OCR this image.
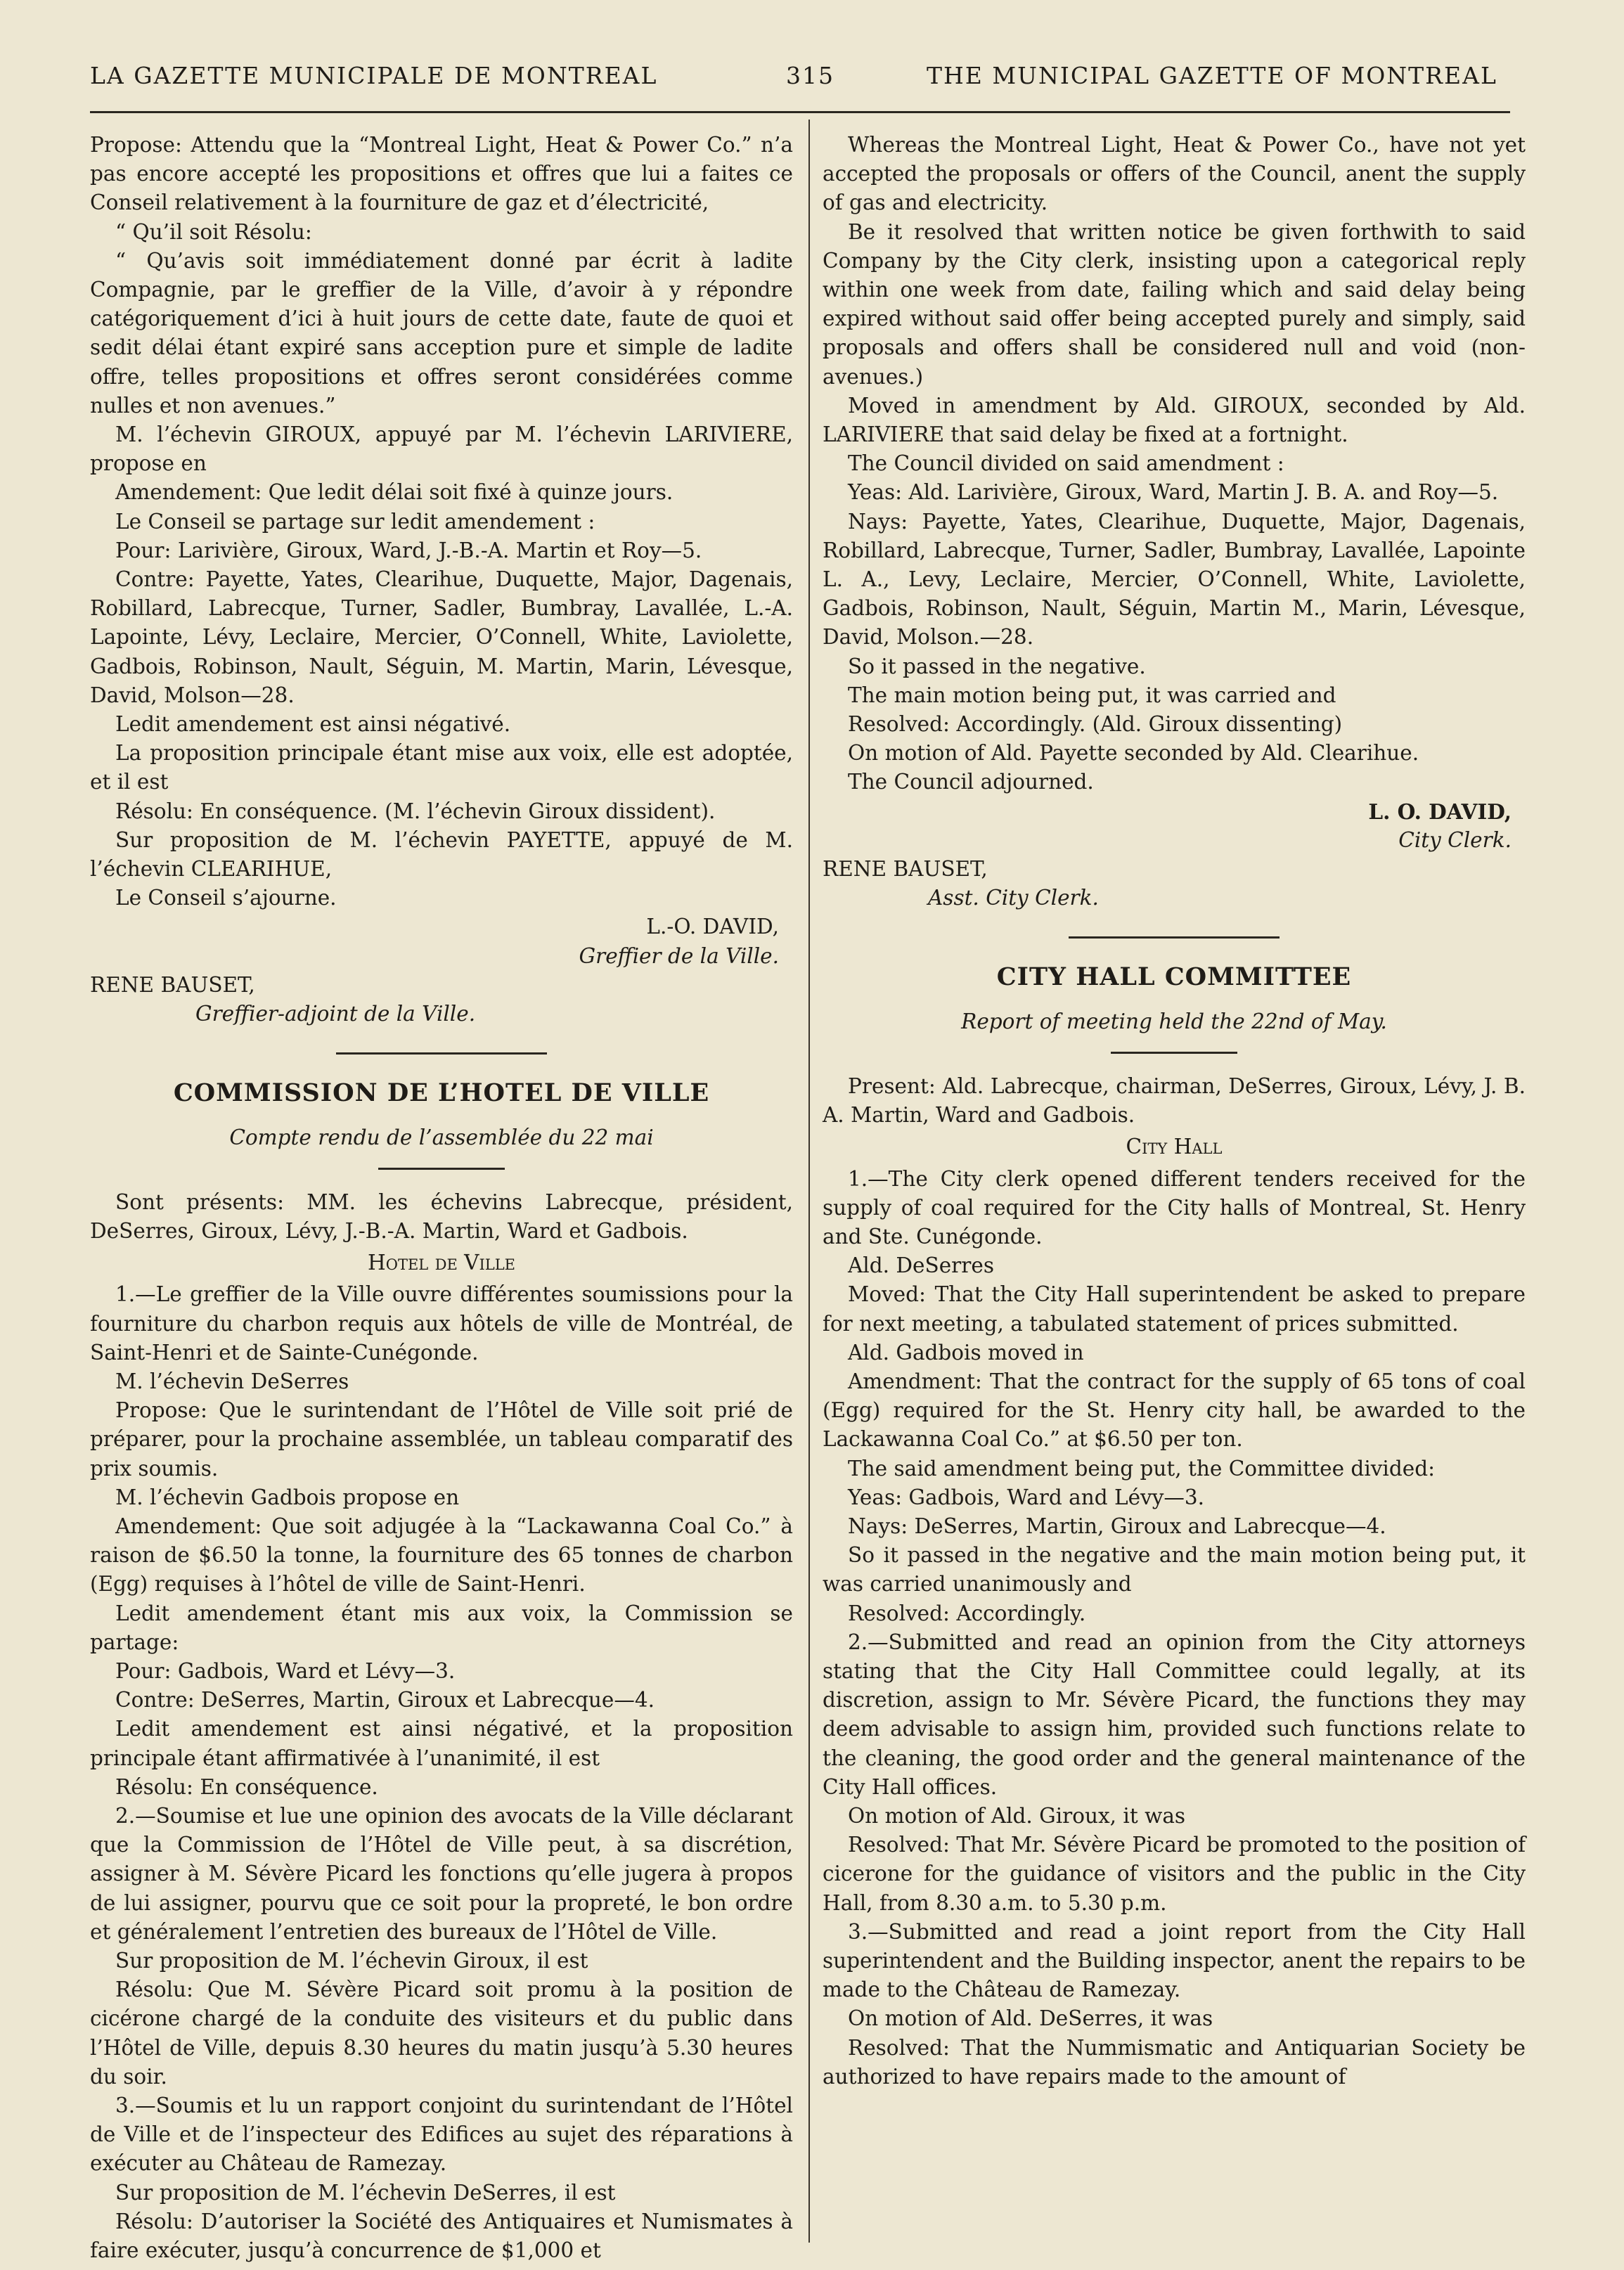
LA GAZETTE MUNICIPALE DE MONTREAL	315	THE MUNICIPAL GAZETTE OF MONTREAL

Propose: Attendu que la “Montreal Light, Heat & Power Co.” n’a pas encore accepté les propositions et offres que lui a faites ce Conseil relativement à la fourniture de gaz et d’électricité,

“ Qu’il soit Résolu:

“ Qu’avis soit immédiatement donné par écrit à ladite Compagnie, par le greffier de la Ville, d’avoir à y répondre catégoriquement d’ici à huit jours de cette date, faute de quoi et sedit délai étant expiré sans acception pure et simple de ladite offre, telles propositions et offres seront considérées comme nulles et non avenues.”

M. l’échevin GIROUX, appuyé par M. l’échevin LARIVIERE, propose en

Amendement: Que ledit délai soit fixé à quinze jours.

Le Conseil se partage sur ledit amendement :

Pour: Larivière, Giroux, Ward, J.-B.-A. Martin et Roy—5.

Contre: Payette, Yates, Clearihue, Duquette, Major, Dagenais, Robillard, Labrecque, Turner, Sadler, Bumbray, Lavallée, L.-A. Lapointe, Lévy, Leclaire, Mercier, O’Connell, White, Laviolette, Gadbois, Robinson, Nault, Séguin, M. Martin, Marin, Lévesque, David, Molson—28.

Ledit amendement est ainsi négativé.

La proposition principale étant mise aux voix, elle est adoptée, et il est

Résolu: En conséquence. (M. l’échevin Giroux dissident).

Sur proposition de M. l’échevin PAYETTE, appuyé de M. l’échevin CLEARIHUE,

Le Conseil s’ajourne.

L.-O. DAVID,

Greffier de la Ville.

RENE BAUSET,

Greffier-adjoint de la Ville.

COMMISSION DE L’HOTEL DE VILLE

Compte rendu de l’assemblée du 22 mai

Sont présents: MM. les échevins Labrecque, président, DeSerres, Giroux, Lévy, J.-B.-A. Martin, Ward et Gadbois.

Hotel de Ville

1.—Le greffier de la Ville ouvre différentes soumissions pour la fourniture du charbon requis aux hôtels de ville de Montréal, de Saint-Henri et de Sainte-Cunégonde.

M. l’échevin DeSerres

Propose: Que le surintendant de l’Hôtel de Ville soit prié de préparer, pour la prochaine assemblée, un tableau comparatif des prix soumis.

M. l’échevin Gadbois propose en

Amendement: Que soit adjugée à la “Lackawanna Coal Co.” à raison de $6.50 la tonne, la fourniture des 65 tonnes de charbon (Egg) requises à l’hôtel de ville de Saint-Henri.

Ledit amendement étant mis aux voix, la Commission se partage:

Pour: Gadbois, Ward et Lévy—3.

Contre: DeSerres, Martin, Giroux et Labrecque—4.

Ledit amendement est ainsi négativé, et la proposition principale étant affirmativée à l’unanimité, il est

Résolu: En conséquence.

2.—Soumise et lue une opinion des avocats de la Ville déclarant que la Commission de l’Hôtel de Ville peut, à sa discrétion, assigner à M. Sévère Picard les fonctions qu’elle jugera à propos de lui assigner, pourvu que ce soit pour la propreté, le bon ordre et généralement l’entretien des bureaux de l’Hôtel de Ville.

Sur proposition de M. l’échevin Giroux, il est

Résolu: Que M. Sévère Picard soit promu à la position de cicérone chargé de la conduite des visiteurs et du public dans l’Hôtel de Ville, depuis 8.30 heures du matin jusqu’à 5.30 heures du soir.

3.—Soumis et lu un rapport conjoint du surintendant de l’Hôtel de Ville et de l’inspecteur des Edifices au sujet des réparations à exécuter au Château de Ramezay.

Sur proposition de M. l’échevin DeSerres, il est

Résolu: D’autoriser la Société des Antiquaires et Numismates à faire exécuter, jusqu’à concurrence de $1,000 et

Whereas the Montreal Light, Heat & Power Co., have not yet accepted the proposals or offers of the Council, anent the supply of gas and electricity.

Be it resolved that written notice be given forthwith to said Company by the City clerk, insisting upon a categorical reply within one week from date, failing which and said delay being expired without said offer being accepted purely and simply, said proposals and offers shall be considered null and void (non-avenues.)

Moved in amendment by Ald. GIROUX, seconded by Ald. LARIVIERE that said delay be fixed at a fortnight.

The Council divided on said amendment :

Yeas: Ald. Larivière, Giroux, Ward, Martin J. B. A. and Roy—5.

Nays: Payette, Yates, Clearihue, Duquette, Major, Dagenais, Robillard, Labrecque, Turner, Sadler, Bumbray, Lavallée, Lapointe L. A., Levy, Leclaire, Mercier, O’Connell, White, Laviolette, Gadbois, Robinson, Nault, Séguin, Martin M., Marin, Lévesque, David, Molson.—28.

So it passed in the negative.

The main motion being put, it was carried and

Resolved: Accordingly. (Ald. Giroux dissenting)

On motion of Ald. Payette seconded by Ald. Clearihue.

The Council adjourned.

L. O. DAVID,

City Clerk.

RENE BAUSET,

Asst. City Clerk.

CITY HALL COMMITTEE

Report of meeting held the 22nd of May.

Present: Ald. Labrecque, chairman, DeSerres, Giroux, Lévy, J. B. A. Martin, Ward and Gadbois.

City Hall

1.—The City clerk opened different tenders received for the supply of coal required for the City halls of Montreal, St. Henry and Ste. Cunégonde.

Ald. DeSerres

Moved: That the City Hall superintendent be asked to prepare for next meeting, a tabulated statement of prices submitted.

Ald. Gadbois moved in

Amendment: That the contract for the supply of 65 tons of coal (Egg) required for the St. Henry city hall, be awarded to the Lackawanna Coal Co.” at $6.50 per ton.

The said amendment being put, the Committee divided:

Yeas: Gadbois, Ward and Lévy—3.

Nays: DeSerres, Martin, Giroux and Labrecque—4.

So it passed in the negative and the main motion being put, it was carried unanimously and

Resolved: Accordingly.

2.—Submitted and read an opinion from the City attorneys stating that the City Hall Committee could legally, at its discretion, assign to Mr. Sévère Picard, the functions they may deem advisable to assign him, provided such functions relate to the cleaning, the good order and the general maintenance of the City Hall offices.

On motion of Ald. Giroux, it was

Resolved: That Mr. Sévère Picard be promoted to the position of cicerone for the guidance of visitors and the public in the City Hall, from 8.30 a.m. to 5.30 p.m.

3.—Submitted and read a joint report from the City Hall superintendent and the Building inspector, anent the repairs to be made to the Château de Ramezay.

On motion of Ald. DeSerres, it was

Resolved: That the Nummismatic and Antiquarian Society be authorized to have repairs made to the amount of
